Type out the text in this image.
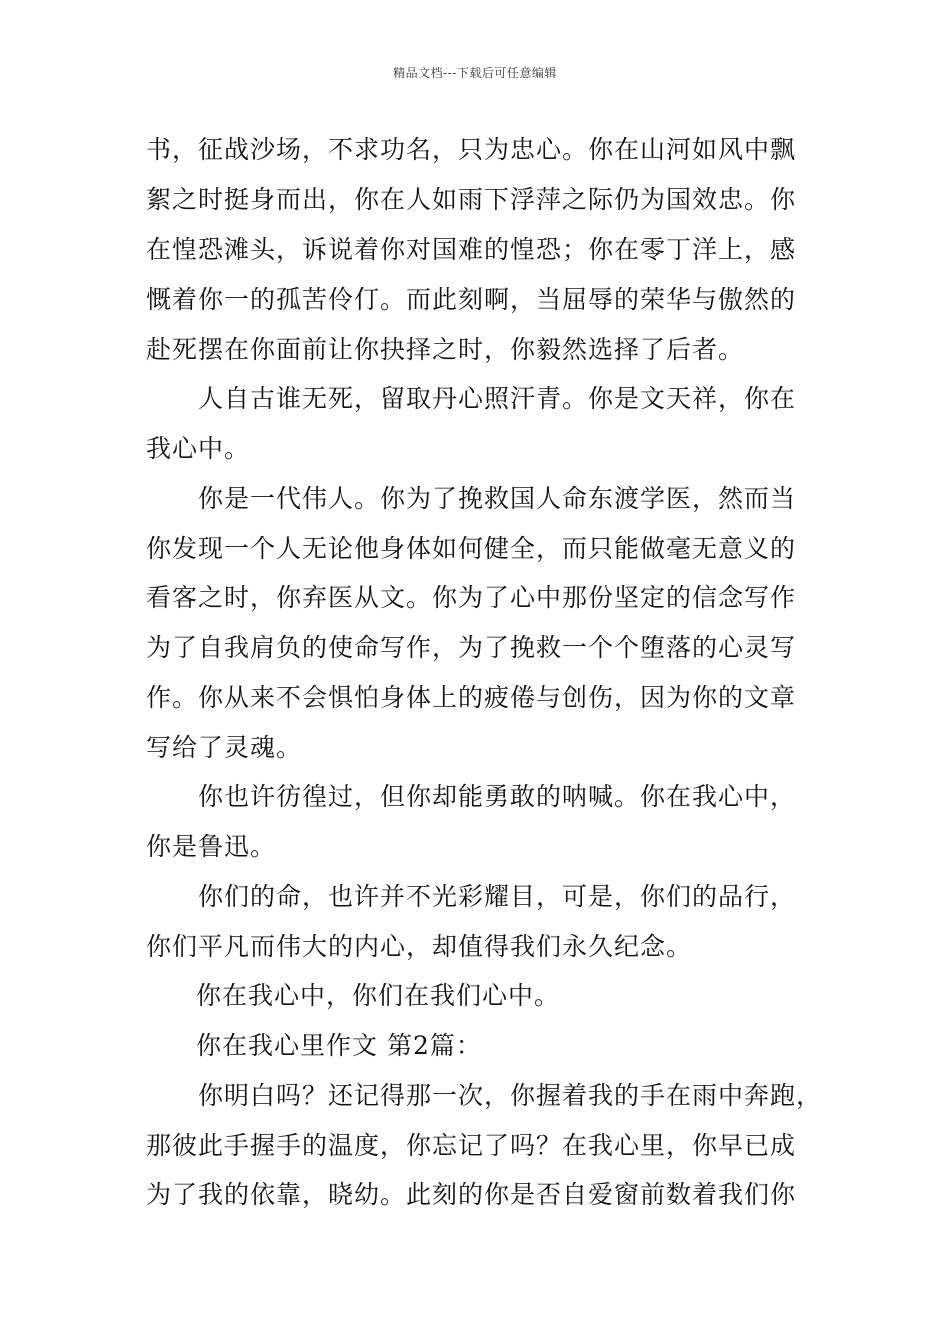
精品文档---下载后可任意编辑
书，征战沙场，不求功名，只为忠心。你在山河如风中飘
絮之时挺身而出，你在人如雨下浮萍之际仍为国效忠。你
在惶恐滩头，诉说着你对国难的惶恐；你在零丁洋上，感
慨着你一的孤苦伶仃。而此刻啊，当屈辱的荣华与傲然的
赴死摆在你面前让你抉择之时，你毅然选择了后者。
人自古谁无死，留取丹心照汗青。你是文天祥，你在
我心中。
你是一代伟人。你为了挽救国人命东渡学医，然而当
你发现一个人无论他身体如何健全，而只能做毫无意义的
看客之时，你弃医从文。你为了心中那份坚定的信念写作
为了自我肩负的使命写作，为了挽救一个个堕落的心灵写
作。你从来不会惧怕身体上的疲倦与创伤，因为你的文章
写给了灵魂。
你也许彷徨过，但你却能勇敢的呐喊。你在我心中，
你是鲁迅。
你们的命，也许并不光彩耀目，可是，你们的品行，
你们平凡而伟大的内心，却值得我们永久纪念。
你在我心中，你们在我们心中。
你在我心里作文 第2篇：
你明白吗？还记得那一次，你握着我的手在雨中奔跑，
那彼此手握手的温度，你忘记了吗？在我心里，你早已成
为了我的依靠，晓幼。此刻的你是否自爱窗前数着我们你
